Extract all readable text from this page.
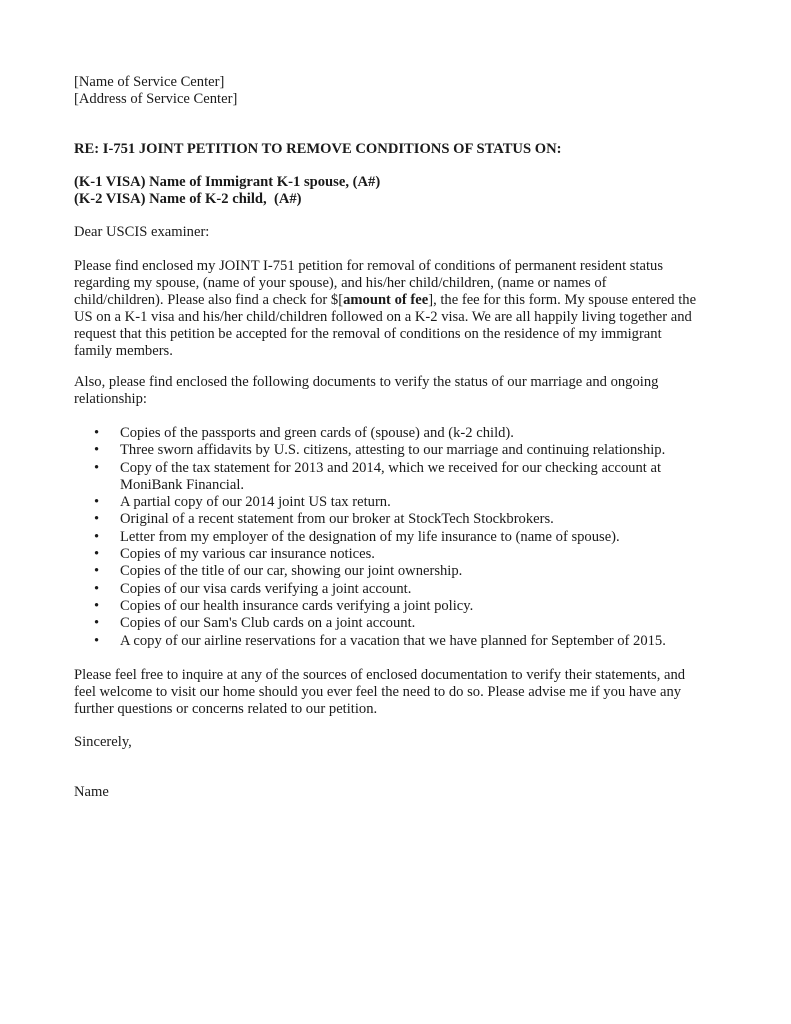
[Name of Service Center]
[Address of Service Center]
RE: I-751 JOINT PETITION TO REMOVE CONDITIONS OF STATUS ON:
(K-1 VISA) Name of Immigrant K-1 spouse, (A#)
(K-2 VISA) Name of K-2 child,  (A#)
Dear USCIS examiner:
Please find enclosed my JOINT I-751 petition for removal of conditions of permanent resident status
regarding my spouse, (name of your spouse), and his/her child/children, (name or names of
child/children). Please also find a check for $[amount of fee], the fee for this form. My spouse entered the
US on a K-1 visa and his/her child/children followed on a K-2 visa. We are all happily living together and
request that this petition be accepted for the removal of conditions on the residence of my immigrant
family members.
Also, please find enclosed the following documents to verify the status of our marriage and ongoing
relationship:
• Copies of the passports and green cards of (spouse) and (k-2 child).
• Three sworn affidavits by U.S. citizens, attesting to our marriage and continuing relationship.
• Copy of the tax statement for 2013 and 2014, which we received for our checking account at
MoniBank Financial.
• A partial copy of our 2014 joint US tax return.
• Original of a recent statement from our broker at StockTech Stockbrokers.
• Letter from my employer of the designation of my life insurance to (name of spouse).
• Copies of my various car insurance notices.
• Copies of the title of our car, showing our joint ownership.
• Copies of our visa cards verifying a joint account.
• Copies of our health insurance cards verifying a joint policy.
• Copies of our Sam's Club cards on a joint account.
• A copy of our airline reservations for a vacation that we have planned for September of 2015.
Please feel free to inquire at any of the sources of enclosed documentation to verify their statements, and
feel welcome to visit our home should you ever feel the need to do so. Please advise me if you have any
further questions or concerns related to our petition.
Sincerely,
Name
